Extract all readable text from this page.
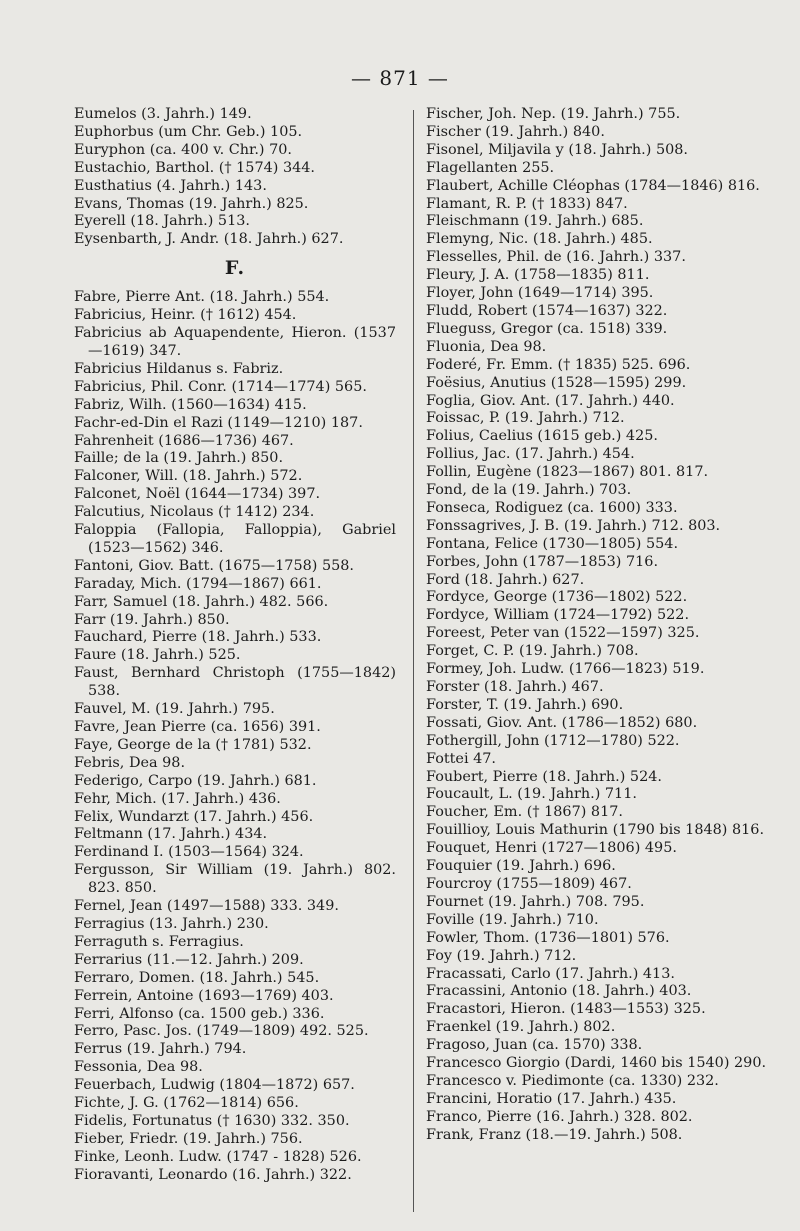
— 871 —
Eumelos (3. Jahrh.) 149.
Euphorbus (um Chr. Geb.) 105.
Euryphon (ca. 400 v. Chr.) 70.
Eustachio, Barthol. († 1574) 344.
Eusthatius (4. Jahrh.) 143.
Evans, Thomas (19. Jahrh.) 825.
Eyerell (18. Jahrh.) 513.
Eysenbarth, J. Andr. (18. Jahrh.) 627.
F.
Fabre, Pierre Ant. (18. Jahrh.) 554.
Fabricius, Heinr. († 1612) 454.
Fabricius ab Aquapendente, Hieron. (1537—1619) 347.
Fabricius Hildanus s. Fabriz.
Fabricius, Phil. Conr. (1714—1774) 565.
Fabriz, Wilh. (1560—1634) 415.
Fachr-ed-Din el Razi (1149—1210) 187.
Fahrenheit (1686—1736) 467.
Faille; de la (19. Jahrh.) 850.
Falconer, Will. (18. Jahrh.) 572.
Falconet, Noël (1644—1734) 397.
Falcutius, Nicolaus († 1412) 234.
Faloppia (Fallopia, Falloppia), Gabriel (1523—1562) 346.
Fantoni, Giov. Batt. (1675—1758) 558.
Faraday, Mich. (1794—1867) 661.
Farr, Samuel (18. Jahrh.) 482. 566.
Farr (19. Jahrh.) 850.
Fauchard, Pierre (18. Jahrh.) 533.
Faure (18. Jahrh.) 525.
Faust, Bernhard Christoph (1755—1842) 538.
Fauvel, M. (19. Jahrh.) 795.
Favre, Jean Pierre (ca. 1656) 391.
Faye, George de la († 1781) 532.
Febris, Dea 98.
Federigo, Carpo (19. Jahrh.) 681.
Fehr, Mich. (17. Jahrh.) 436.
Felix, Wundarzt (17. Jahrh.) 456.
Feltmann (17. Jahrh.) 434.
Ferdinand I. (1503—1564) 324.
Fergusson, Sir William (19. Jahrh.) 802. 823. 850.
Fernel, Jean (1497—1588) 333. 349.
Ferragius (13. Jahrh.) 230.
Ferraguth s. Ferragius.
Ferrarius (11.—12. Jahrh.) 209.
Ferraro, Domen. (18. Jahrh.) 545.
Ferrein, Antoine (1693—1769) 403.
Ferri, Alfonso (ca. 1500 geb.) 336.
Ferro, Pasc. Jos. (1749—1809) 492. 525.
Ferrus (19. Jahrh.) 794.
Fessonia, Dea 98.
Feuerbach, Ludwig (1804—1872) 657.
Fichte, J. G. (1762—1814) 656.
Fidelis, Fortunatus († 1630) 332. 350.
Fieber, Friedr. (19. Jahrh.) 756.
Finke, Leonh. Ludw. (1747 - 1828) 526.
Fioravanti, Leonardo (16. Jahrh.) 322.
Fischer, Joh. Nep. (19. Jahrh.) 755.
Fischer (19. Jahrh.) 840.
Fisonel, Miljavila y (18. Jahrh.) 508.
Flagellanten 255.
Flaubert, Achille Cléophas (1784—1846) 816.
Flamant, R. P. († 1833) 847.
Fleischmann (19. Jahrh.) 685.
Flemyng, Nic. (18. Jahrh.) 485.
Flesselles, Phil. de (16. Jahrh.) 337.
Fleury, J. A. (1758—1835) 811.
Floyer, John (1649—1714) 395.
Fludd, Robert (1574—1637) 322.
Flueguss, Gregor (ca. 1518) 339.
Fluonia, Dea 98.
Foderé, Fr. Emm. († 1835) 525. 696.
Foësius, Anutius (1528—1595) 299.
Foglia, Giov. Ant. (17. Jahrh.) 440.
Foissac, P. (19. Jahrh.) 712.
Folius, Caelius (1615 geb.) 425.
Follius, Jac. (17. Jahrh.) 454.
Follin, Eugène (1823—1867) 801. 817.
Fond, de la (19. Jahrh.) 703.
Fonseca, Rodiguez (ca. 1600) 333.
Fonssagrives, J. B. (19. Jahrh.) 712. 803.
Fontana, Felice (1730—1805) 554.
Forbes, John (1787—1853) 716.
Ford (18. Jahrh.) 627.
Fordyce, George (1736—1802) 522.
Fordyce, William (1724—1792) 522.
Foreest, Peter van (1522—1597) 325.
Forget, C. P. (19. Jahrh.) 708.
Formey, Joh. Ludw. (1766—1823) 519.
Forster (18. Jahrh.) 467.
Forster, T. (19. Jahrh.) 690.
Fossati, Giov. Ant. (1786—1852) 680.
Fothergill, John (1712—1780) 522.
Fottei 47.
Foubert, Pierre (18. Jahrh.) 524.
Foucault, L. (19. Jahrh.) 711.
Foucher, Em. († 1867) 817.
Fouillioy, Louis Mathurin (1790 bis 1848) 816.
Fouquet, Henri (1727—1806) 495.
Fouquier (19. Jahrh.) 696.
Fourcroy (1755—1809) 467.
Fournet (19. Jahrh.) 708. 795.
Foville (19. Jahrh.) 710.
Fowler, Thom. (1736—1801) 576.
Foy (19. Jahrh.) 712.
Fracassati, Carlo (17. Jahrh.) 413.
Fracassini, Antonio (18. Jahrh.) 403.
Fracastori, Hieron. (1483—1553) 325.
Fraenkel (19. Jahrh.) 802.
Fragoso, Juan (ca. 1570) 338.
Francesco Giorgio (Dardi, 1460 bis 1540) 290.
Francesco v. Piedimonte (ca. 1330) 232.
Francini, Horatio (17. Jahrh.) 435.
Franco, Pierre (16. Jahrh.) 328. 802.
Frank, Franz (18.—19. Jahrh.) 508.
